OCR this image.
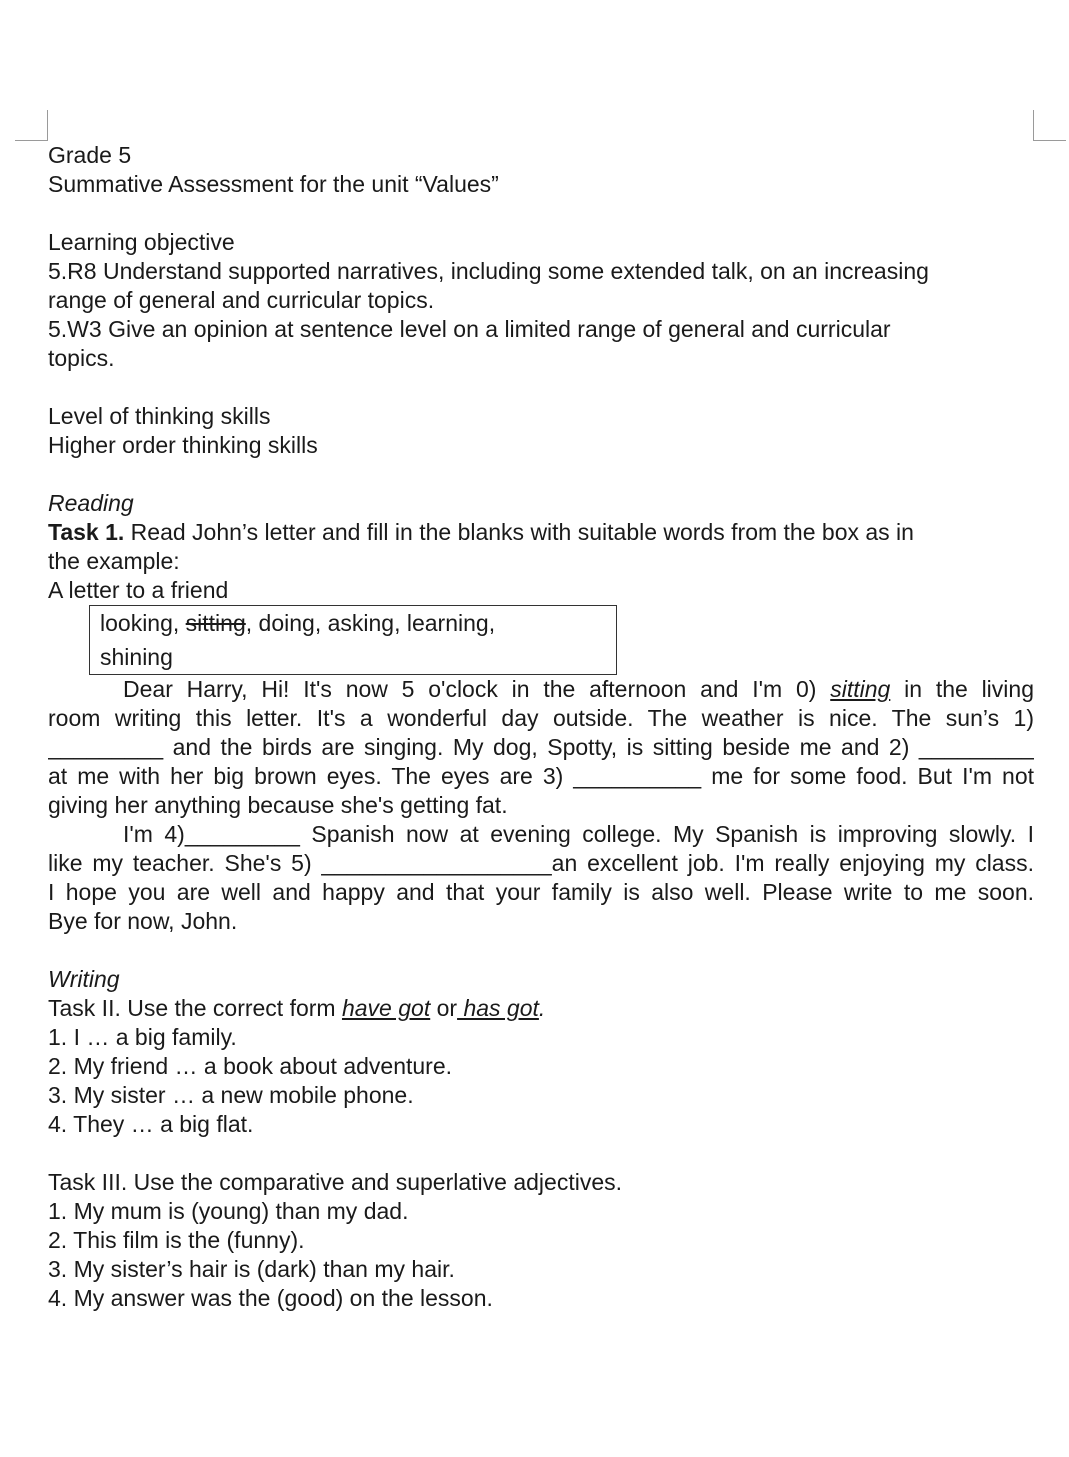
Grade 5
Summative Assessment for the unit “Values”
Learning objective
5.R8 Understand supported narratives, including some extended talk, on an increasing
range of general and curricular topics.
5.W3 Give an opinion at sentence level on a limited range of general and curricular
topics.
Level of thinking skills
Higher order thinking skills
Reading
Task 1. Read John’s letter and fill in the blanks with suitable words from the box as in
the example:
A letter to a friend
looking, sitting, doing, asking, learning,
shining
Dear Harry, Hi! It's now 5 o'clock in the afternoon and I'm 0) sitting in the living
room writing this letter. It's a wonderful day outside. The weather is nice. The sun’s 1)
_________ and the birds are singing. My dog, Spotty, is sitting beside me and 2) _________
at me with her big brown eyes. The eyes are 3) __________ me for some food. But I'm not
giving her anything because she's getting fat.
I'm 4)_________ Spanish now at evening college. My Spanish is improving slowly. I
like my teacher. She's 5) __________________an excellent job. I'm really enjoying my class.
I hope you are well and happy and that your family is also well. Please write to me soon.
Bye for now, John.
Writing
Task II. Use the correct form have got or has got.
1. I … a big family.
2. My friend … a book about adventure.
3. My sister … a new mobile phone.
4. They … a big flat.
Task III. Use the comparative and superlative adjectives.
1. My mum is (young) than my dad.
2. This film is the (funny).
3. My sister’s hair is (dark) than my hair.
4. My answer was the (good) on the lesson.
